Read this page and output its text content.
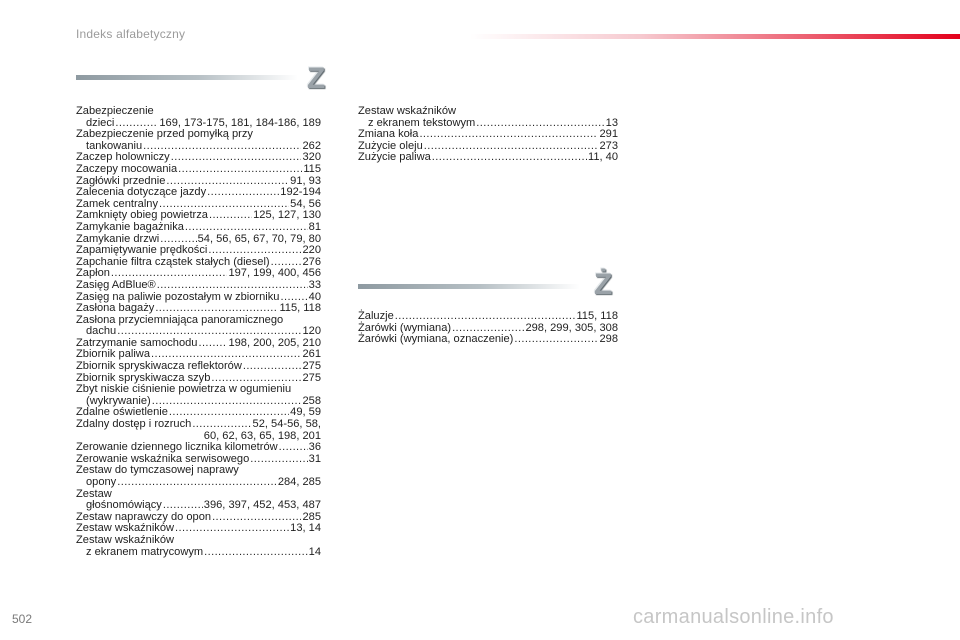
Indeks alfabetyczny
Z
Zabezpieczenie
dzieci .....	169, 173-175, 181, 184-186, 189
Zabezpieczenie przed pomyłką przy
tankowaniu .....	262
Zaczep holowniczy .....	320
Zaczepy mocowania .....	115
Zagłówki przednie .....	91, 93
Zalecenia dotyczące jazdy .....	192-194
Zamek centralny .....	54, 56
Zamknięty obieg powietrza .....	125, 127, 130
Zamykanie bagażnika .....	81
Zamykanie drzwi .....	54, 56, 65, 67, 70, 79, 80
Zapamiętywanie prędkości .....	220
Zapchanie filtra cząstek stałych (diesel) .....	276
Zapłon .....	197, 199, 400, 456
Zasięg AdBlue® .....	33
Zasięg na paliwie pozostałym w zbiorniku .....	40
Zasłona bagaży .....	115, 118
Zasłona przyciemniająca panoramicznego
dachu .....	120
Zatrzymanie samochodu .....	198, 200, 205, 210
Zbiornik paliwa .....	261
Zbiornik spryskiwacza reflektorów .....	275
Zbiornik spryskiwacza szyb .....	275
Zbyt niskie ciśnienie powietrza w ogumieniu
(wykrywanie) .....	258
Zdalne oświetlenie .....	49, 59
Zdalny dostęp i rozruch .....	52, 54-56, 58,
60, 62, 63, 65, 198, 201
Zerowanie dziennego licznika kilometrów .....	36
Zerowanie wskaźnika serwisowego .....	31
Zestaw do tymczasowej naprawy
opony .....	284, 285
Zestaw
głośnomówiący .....	396, 397, 452, 453, 487
Zestaw naprawczy do opon .....	285
Zestaw wskaźników .....	13, 14
Zestaw wskaźników
z ekranem matrycowym .....	14
Zestaw wskaźników
z ekranem tekstowym .....	13
Zmiana koła .....	291
Zużycie oleju .....	273
Zużycie paliwa .....	11, 40
Ż
Żaluzje .....	115, 118
Żarówki (wymiana) .....	298, 299, 305, 308
Żarówki (wymiana, oznaczenie) .....	298
502	carmanualsonline.info
